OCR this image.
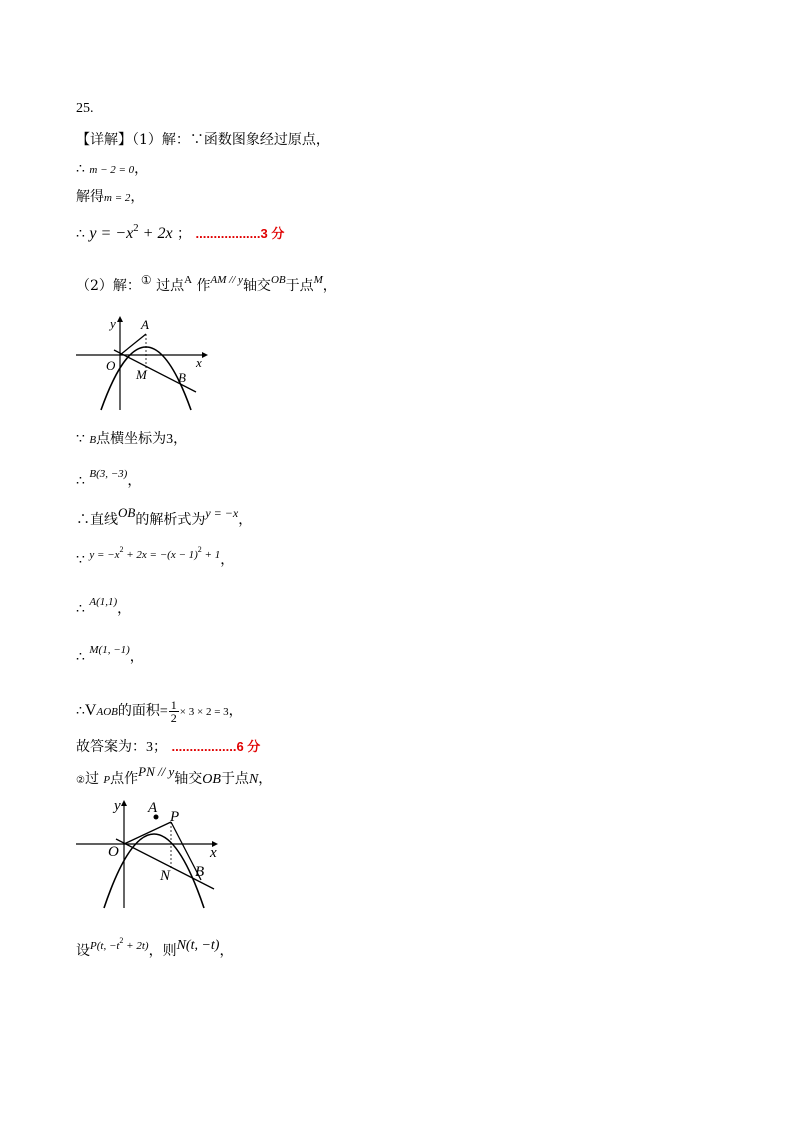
25.
【详解】（1）解：∵函数图象经过原点，
∴ m − 2 = 0，
解得m = 2，
∴ $y = -x^2 + 2x$ ； ..................3 分
（2）解：① 过点$^A$ 作$^{AM // y}$轴交$^{OB}$于点$^M$，
y
x
O
A
M B
∵ B点横坐标为3，
∴ B(3, −3)，
∴直线OB的解析式为y = −x，
∵ $y = -x^2 + 2x = -(x - 1)^2 + 1$，
∴ A(1,1)，
∴ M(1, −1)，
∴VAOB的面积= $\frac{1}{2} \times 3 \times 2 = 3$，
故答案为：3； ..................6 分
②过 P点作PN // y轴交OB于点N，
y
x
O
A
P
N B
设P(t, $-t^2 + 2t$)，则N(t, −t)，
